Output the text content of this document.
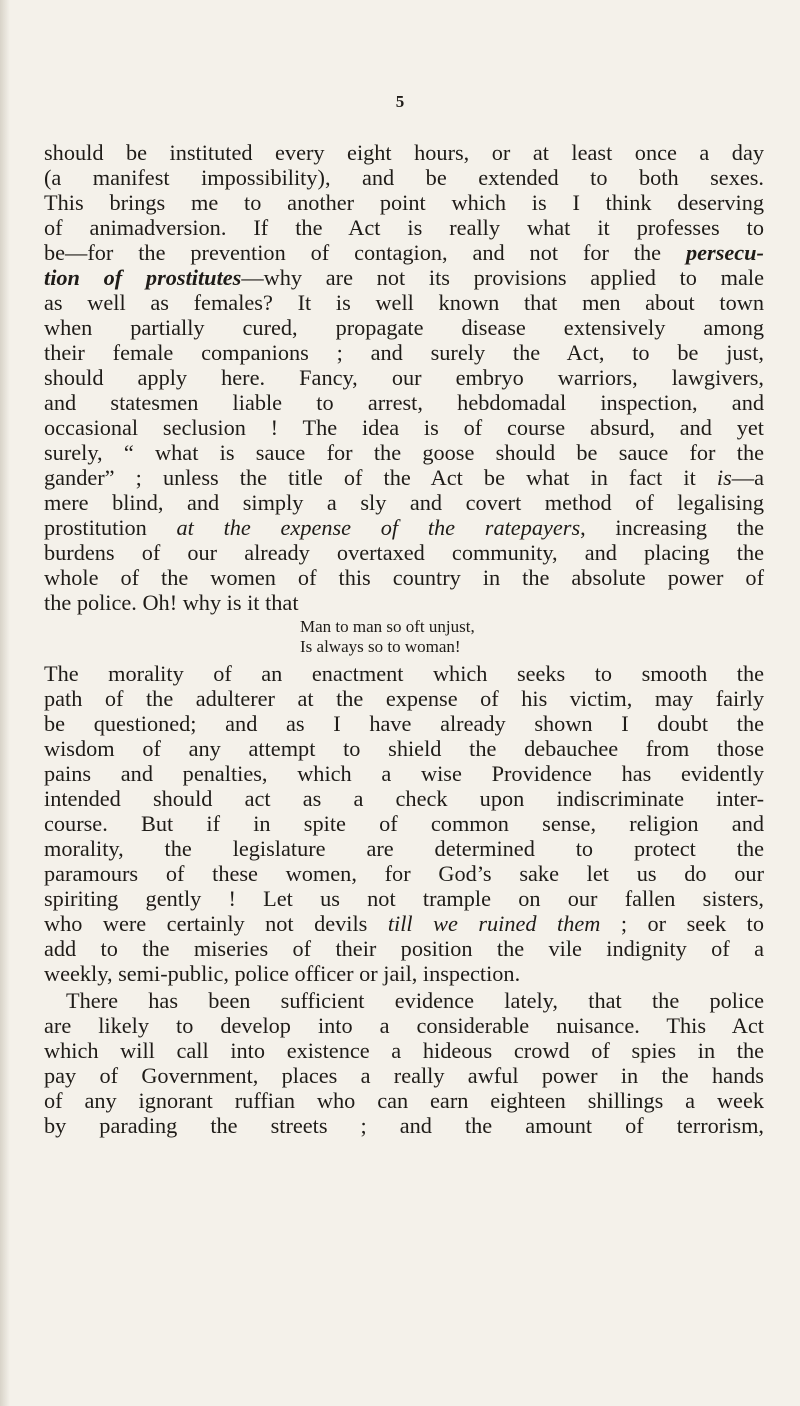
5
should be instituted every eight hours, or at least once a day
(a manifest impossibility), and be extended to both sexes.
This brings me to another point which is I think deserving
of animadversion. If the Act is really what it professes to
be—for the prevention of contagion, and not for the persecu-
tion of prostitutes—why are not its provisions applied to male
as well as females? It is well known that men about town
when partially cured, propagate disease extensively among
their female companions ; and surely the Act, to be just,
should apply here. Fancy, our embryo warriors, lawgivers,
and statesmen liable to arrest, hebdomadal inspection, and
occasional seclusion ! The idea is of course absurd, and yet
surely, “ what is sauce for the goose should be sauce for the
gander” ; unless the title of the Act be what in fact it is—a
mere blind, and simply a sly and covert method of legalising
prostitution at the expense of the ratepayers, increasing the
burdens of our already overtaxed community, and placing the
whole of the women of this country in the absolute power of
the police. Oh! why is it that
Man to man so oft unjust,
Is always so to woman!
The morality of an enactment which seeks to smooth the
path of the adulterer at the expense of his victim, may fairly
be questioned; and as I have already shown I doubt the
wisdom of any attempt to shield the debauchee from those
pains and penalties, which a wise Providence has evidently
intended should act as a check upon indiscriminate inter-
course. But if in spite of common sense, religion and
morality, the legislature are determined to protect the
paramours of these women, for God’s sake let us do our
spiriting gently ! Let us not trample on our fallen sisters,
who were certainly not devils till we ruined them ; or seek to
add to the miseries of their position the vile indignity of a
weekly, semi-public, police officer or jail, inspection.
There has been sufficient evidence lately, that the police
are likely to develop into a considerable nuisance. This Act
which will call into existence a hideous crowd of spies in the
pay of Government, places a really awful power in the hands
of any ignorant ruffian who can earn eighteen shillings a week
by parading the streets ; and the amount of terrorism,
